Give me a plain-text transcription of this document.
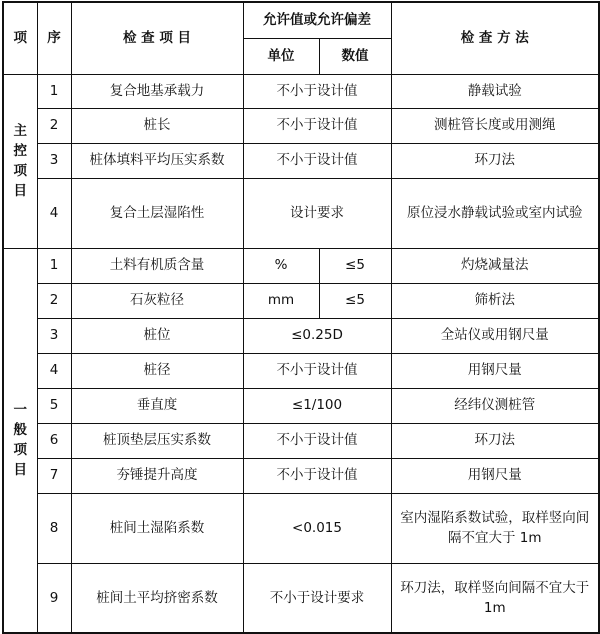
项	序	检 查 项 目	允许值或允许偏差		检 查 方 法
			单位	数值	
主控项目	1	复合地基承载力	不小于设计值		静载试验
	2	桩长	不小于设计值		测桩管长度或用测绳
	3	桩体填料平均压实系数	不小于设计值		环刀法
	4	复合土层湿陷性	设计要求		原位浸水静载试验或室内试验
一般项目	1	土料有机质含量	%	≤5	灼烧减量法
	2	石灰粒径	mm	≤5	筛析法
	3	桩位	≤0.25D		全站仪或用钢尺量
	4	桩径	不小于设计值		用钢尺量
	5	垂直度	≤1/100		经纬仪测桩管
	6	桩顶垫层压实系数	不小于设计值		环刀法
	7	夯锤提升高度	不小于设计值		用钢尺量
	8	桩间土湿陷系数	<0.015		室内湿陷系数试验，取样竖向间隔不宜大于 1m
	9	桩间土平均挤密系数	不小于设计要求		环刀法，取样竖向间隔不宜大于 1m
